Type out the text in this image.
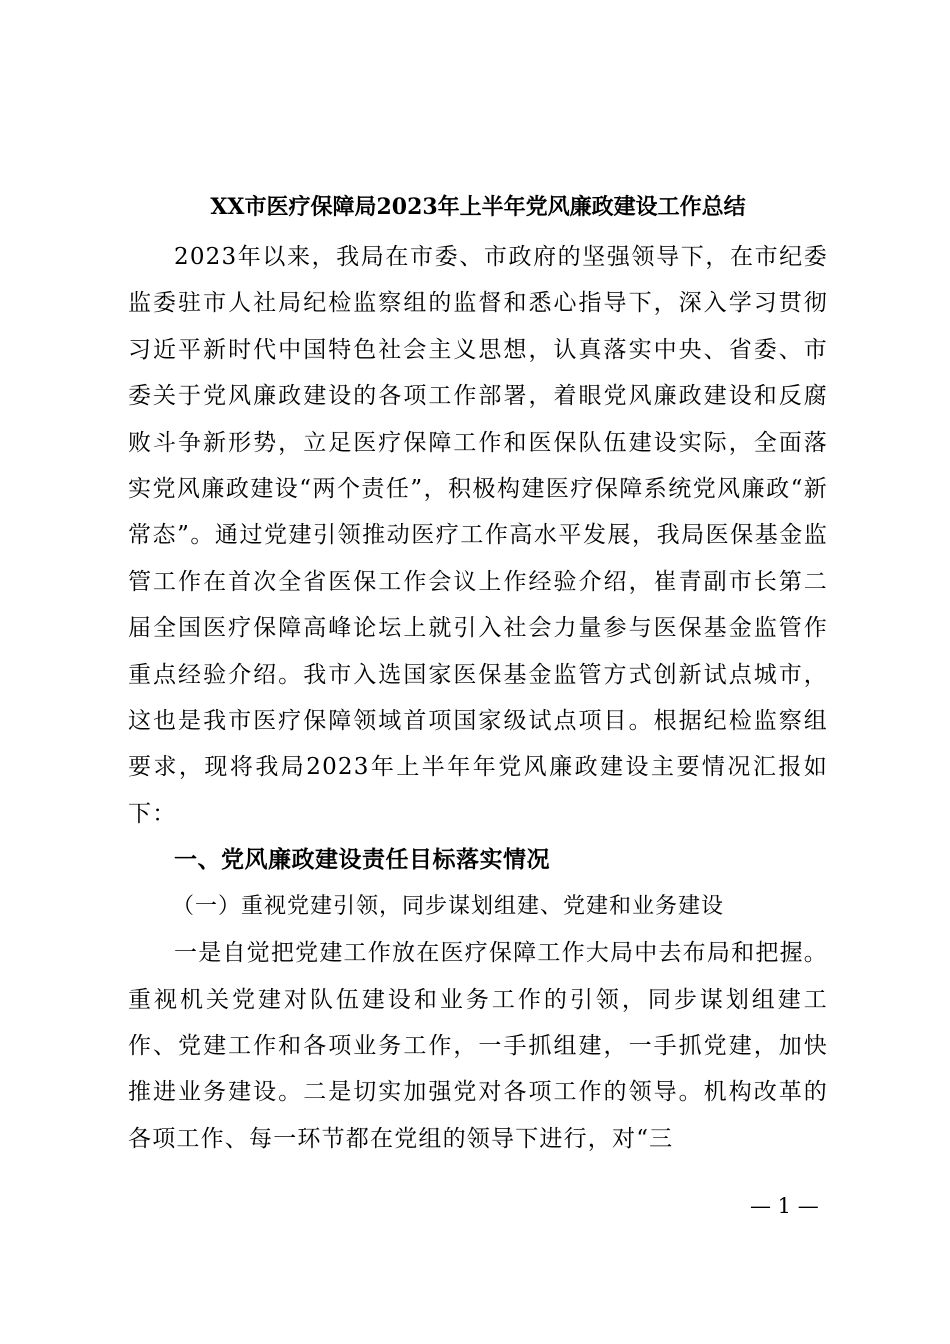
XX市医疗保障局2023年上半年党风廉政建设工作总结

2023年以来，我局在市委、市政府的坚强领导下，在市纪委监委驻市人社局纪检监察组的监督和悉心指导下，深入学习贯彻习近平新时代中国特色社会主义思想，认真落实中央、省委、市委关于党风廉政建设的各项工作部署，着眼党风廉政建设和反腐败斗争新形势，立足医疗保障工作和医保队伍建设实际，全面落实党风廉政建设“两个责任”，积极构建医疗保障系统党风廉政“新常态”。通过党建引领推动医疗工作高水平发展，我局医保基金监管工作在首次全省医保工作会议上作经验介绍，崔青副市长第二届全国医疗保障高峰论坛上就引入社会力量参与医保基金监管作重点经验介绍。我市入选国家医保基金监管方式创新试点城市，这也是我市医疗保障领域首项国家级试点项目。根据纪检监察组要求，现将我局2023年上半年年党风廉政建设主要情况汇报如下：

一、党风廉政建设责任目标落实情况

（一）重视党建引领，同步谋划组建、党建和业务建设

一是自觉把党建工作放在医疗保障工作大局中去布局和把握。重视机关党建对队伍建设和业务工作的引领，同步谋划组建工作、党建工作和各项业务工作，一手抓组建，一手抓党建，加快推进业务建设。二是切实加强党对各项工作的领导。机构改革的各项工作、每一环节都在党组的领导下进行，对“三

— 1 —
